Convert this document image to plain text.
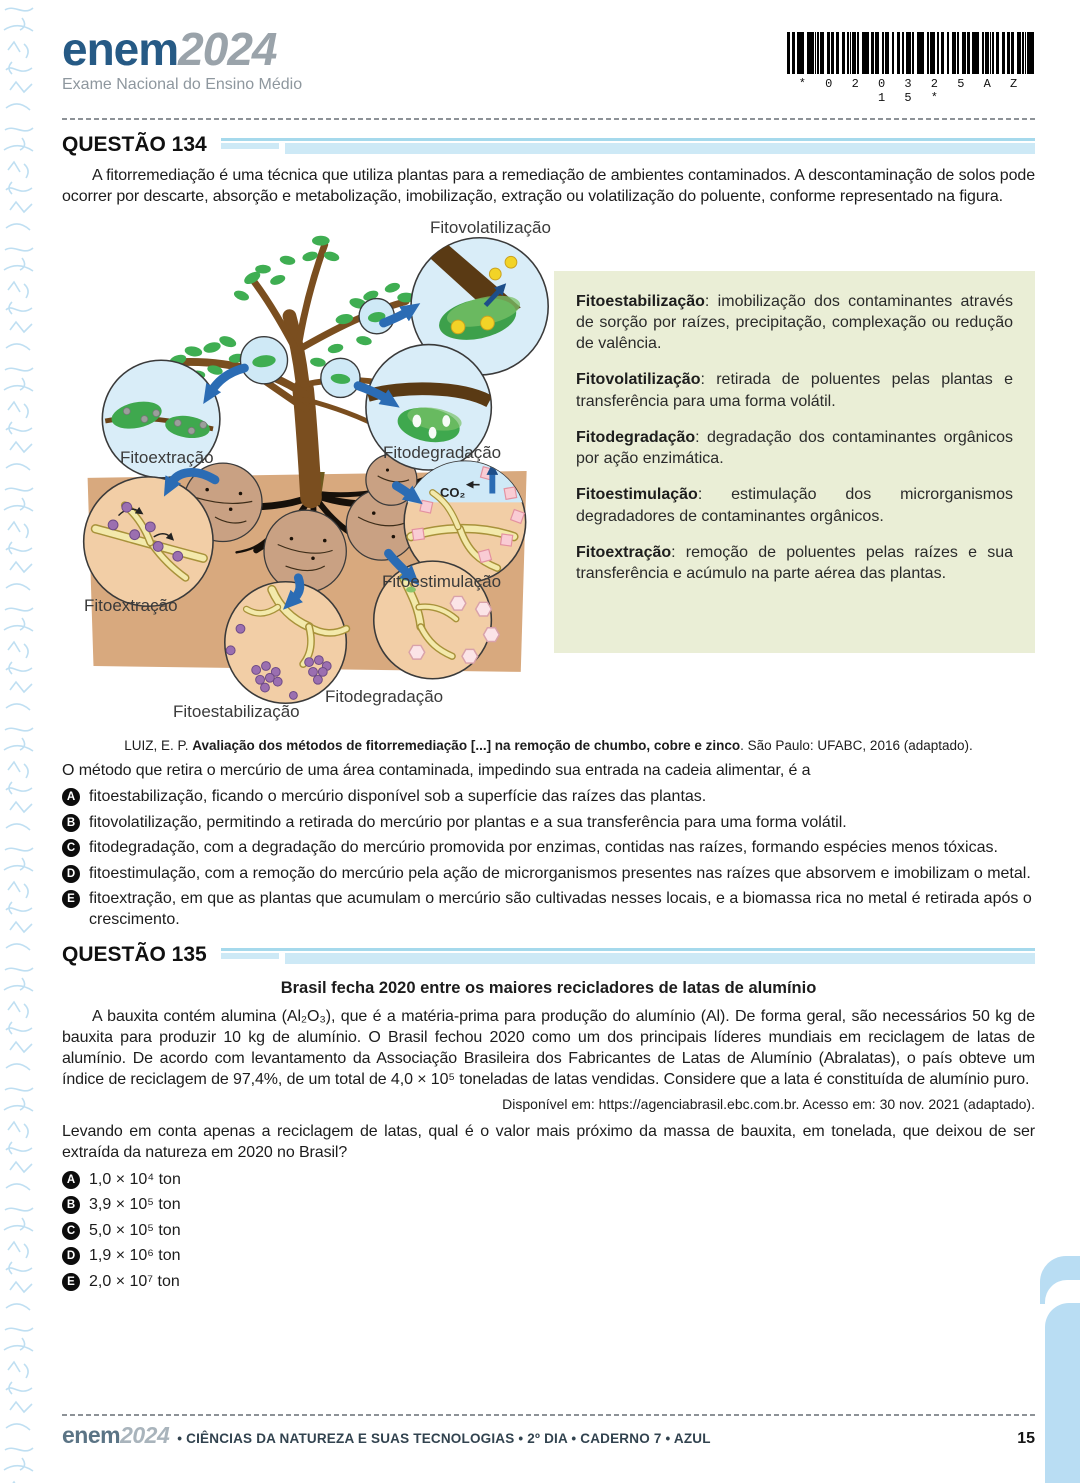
enem2024
Exame Nacional do Ensino Médio	* 0 2 0 3 2 5 A Z 1 5 *
QUESTÃO 134
A fitorremediação é uma técnica que utiliza plantas para a remediação de ambientes contaminados. A descontaminação de solos pode ocorrer por descarte, absorção e metabolização, imobilização, extração ou volatilização do poluente, conforme representado na figura.
Fitovolatilização
Fitoextração	Fitodegradação
Fitoestimulação
Fitoextração
Fitoestabilização
Fitodegradação
CO₂

Fitoestabilização: imobilização dos contaminantes através de sorção por raízes, precipitação, complexação ou redução de valência.

Fitovolatilização: retirada de poluentes pelas plantas e transferência para uma forma volátil.

Fitodegradação: degradação dos contaminantes orgânicos por ação enzimática.

Fitoestimulação: estimulação dos microrganismos degradadores de contaminantes orgânicos.

Fitoextração: remoção de poluentes pelas raízes e sua transferência e acúmulo na parte aérea das plantas.

LUIZ, E. P. Avaliação dos métodos de fitorremediação [...] na remoção de chumbo, cobre e zinco. São Paulo: UFABC, 2016 (adaptado).
O método que retira o mercúrio de uma área contaminada, impedindo sua entrada na cadeia alimentar, é a
A fitoestabilização, ficando o mercúrio disponível sob a superfície das raízes das plantas.
B fitovolatilização, permitindo a retirada do mercúrio por plantas e a sua transferência para uma forma volátil.
C fitodegradação, com a degradação do mercúrio promovida por enzimas, contidas nas raízes, formando espécies menos tóxicas.
D fitoestimulação, com a remoção do mercúrio pela ação de microrganismos presentes nas raízes que absorvem e imobilizam o metal.
E fitoextração, em que as plantas que acumulam o mercúrio são cultivadas nesses locais, e a biomassa rica no metal é retirada após o crescimento.
QUESTÃO 135
Brasil fecha 2020 entre os maiores recicladores de latas de alumínio
A bauxita contém alumina (Al₂O₃), que é a matéria-prima para produção do alumínio (Al). De forma geral, são necessários 50 kg de bauxita para produzir 10 kg de alumínio. O Brasil fechou 2020 como um dos principais líderes mundiais em reciclagem de latas de alumínio. De acordo com levantamento da Associação Brasileira dos Fabricantes de Latas de Alumínio (Abralatas), o país obteve um índice de reciclagem de 97,4%, de um total de 4,0 × 10⁵ toneladas de latas vendidas. Considere que a lata é constituída de alumínio puro.
Disponível em: https://agenciabrasil.ebc.com.br. Acesso em: 30 nov. 2021 (adaptado).
Levando em conta apenas a reciclagem de latas, qual é o valor mais próximo da massa de bauxita, em tonelada, que deixou de ser extraída da natureza em 2020 no Brasil?
A 1,0 × 10⁴ ton
B 3,9 × 10⁵ ton
C 5,0 × 10⁵ ton
D 1,9 × 10⁶ ton
E 2,0 × 10⁷ ton
enem2024 • CIÊNCIAS DA NATUREZA E SUAS TECNOLOGIAS • 2º DIA • CADERNO 7 • AZUL	15
